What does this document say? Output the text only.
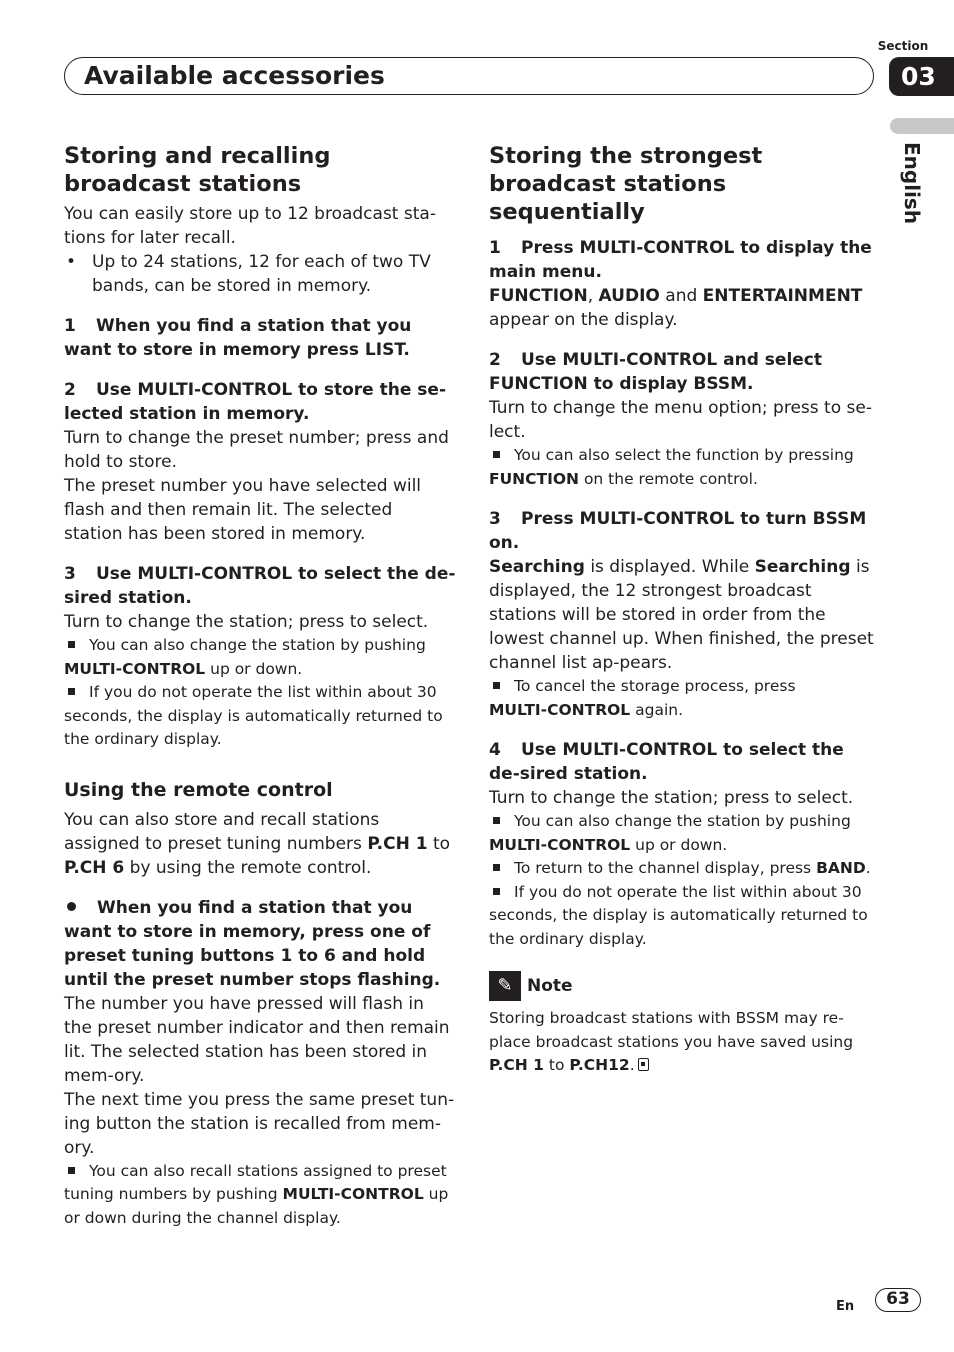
Section
03
Available accessories
English
Storing and recalling broadcast stations

You can easily store up to 12 broadcast sta-tions for later recall.

• Up to 24 stations, 12 for each of two TV bands, can be stored in memory.
1 When you find a station that you want to store in memory press LIST.
2 Use MULTI-CONTROL to store the se-lected station in memory.

Turn to change the preset number; press and hold to store.

The preset number you have selected will flash and then remain lit. The selected station has been stored in memory.

3 Use MULTI-CONTROL to select the de-sired station.

Turn to change the station; press to select.

You can also change the station by pushing
MULTI-CONTROL up or down.

If you do not operate the list within about 30 seconds, the display is automatically returned to the ordinary display.

Using the remote control

You can also store and recall stations assigned to preset tuning numbers P.CH 1 to P.CH 6 by using the remote control.

When you find a station that you want to store in memory, press one of preset tuning buttons 1 to 6 and hold until the preset number stops flashing.

The number you have pressed will flash in the preset number indicator and then remain lit. The selected station has been stored in mem-ory.

The next time you press the same preset tun-ing button the station is recalled from mem-ory.

You can also recall stations assigned to preset tuning numbers by pushing MULTI-CONTROL up or down during the channel display.

Storing the strongest broadcast stations sequentially
1 Press MULTI-CONTROL to display the main menu.

FUNCTION, AUDIO and ENTERTAINMENT
appear on the display.

2 Use MULTI-CONTROL and select FUNCTION to display BSSM.

Turn to change the menu option; press to se-lect.

You can also select the function by pressing
FUNCTION on the remote control.

3 Press MULTI-CONTROL to turn BSSM on.

Searching is displayed. While Searching is displayed, the 12 strongest broadcast stations will be stored in order from the lowest channel up. When finished, the preset channel list ap-pears.

To cancel the storage process, press
MULTI-CONTROL again.

4 Use MULTI-CONTROL to select the de-sired station.

Turn to change the station; press to select.

You can also change the station by pushing
MULTI-CONTROL up or down.

To return to the channel display, press BAND.

If you do not operate the list within about 30 seconds, the display is automatically returned to the ordinary display.

✎ Note

Storing broadcast stations with BSSM may re-place broadcast stations you have saved using P.CH 1 to P.CH12.

En	63
